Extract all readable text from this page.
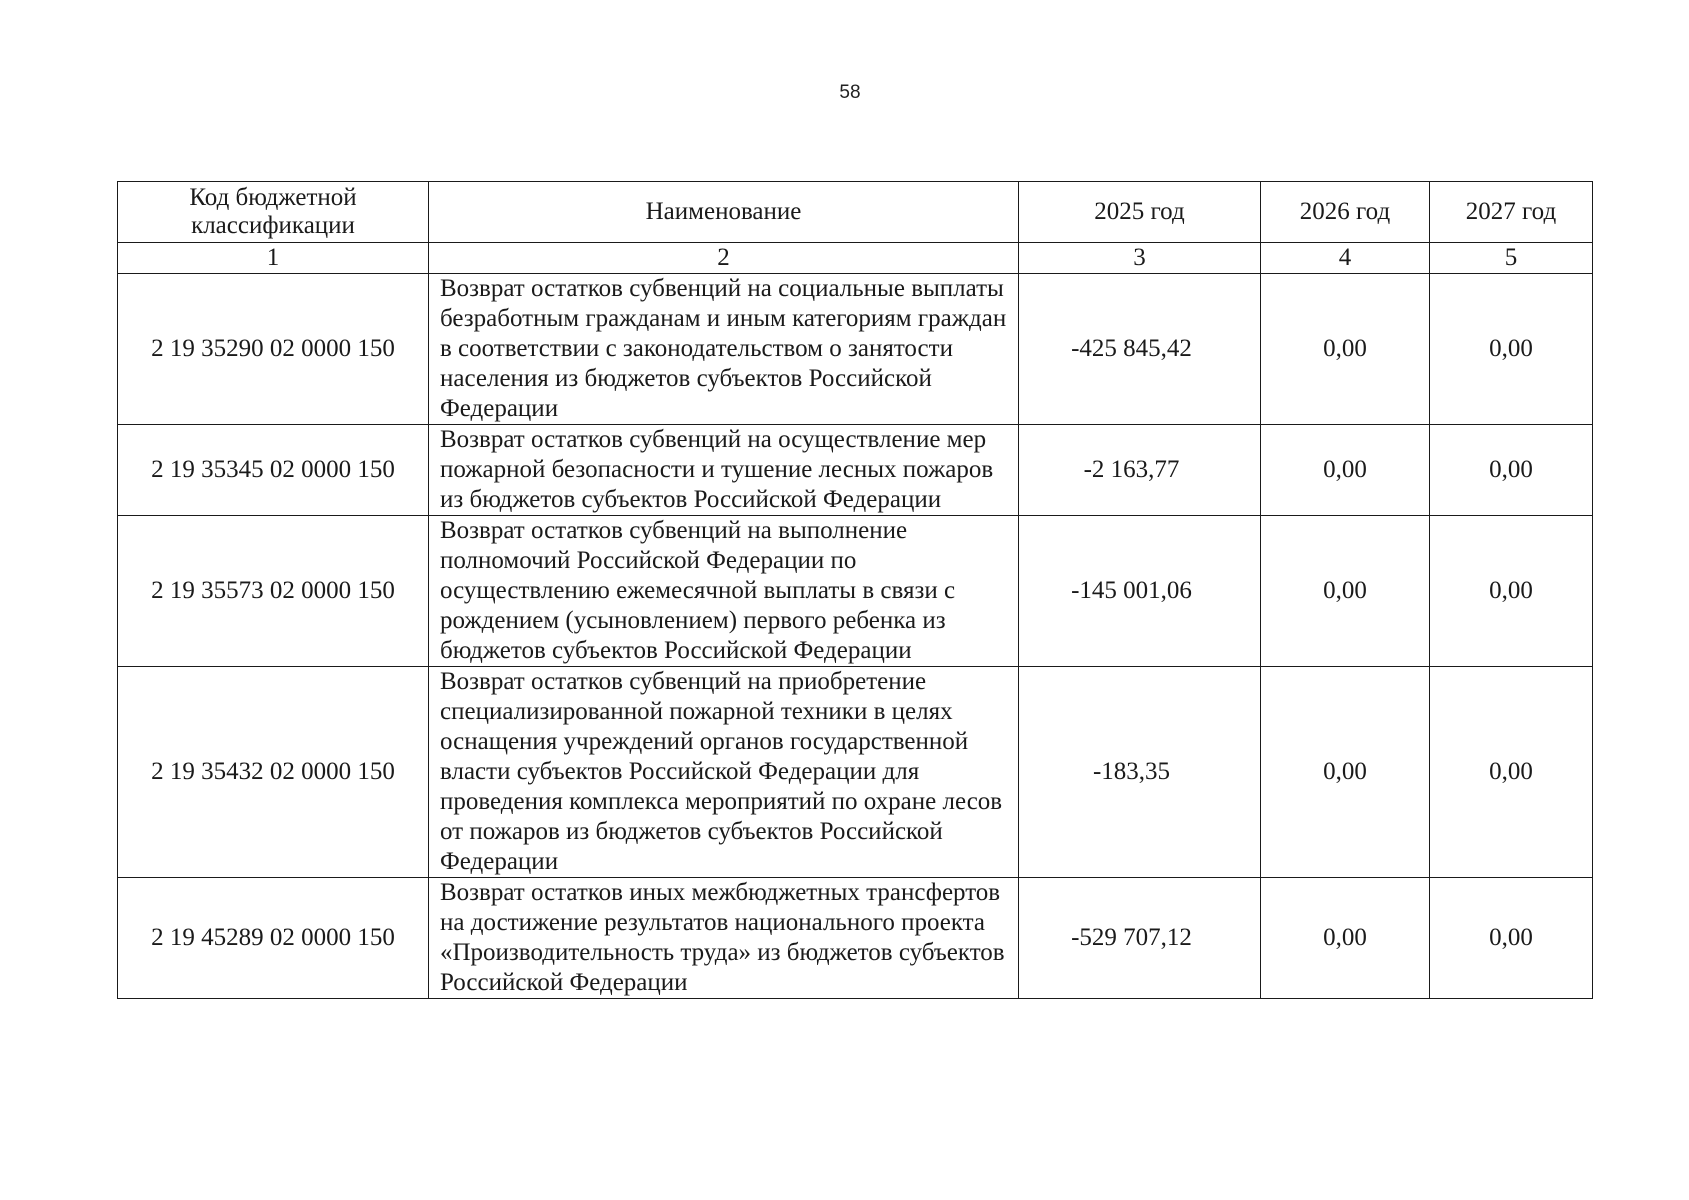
58
Код бюджетной классификации	Наименование	2025 год	2026 год	2027 год
1	2	3	4	5
2 19 35290 02 0000 150	Возврат остатков субвенций на социальные выплаты безработным гражданам и иным категориям граждан в соответствии с законодательством о занятости населения из бюджетов субъектов Российской Федерации	-425 845,42	0,00	0,00
2 19 35345 02 0000 150	Возврат остатков субвенций на осуществление мер пожарной безопасности и тушение лесных пожаров из бюджетов субъектов Российской Федерации	-2 163,77	0,00	0,00
2 19 35573 02 0000 150	Возврат остатков субвенций на выполнение полномочий Российской Федерации по осуществлению ежемесячной выплаты в связи с рождением (усыновлением) первого ребенка из бюджетов субъектов Российской Федерации	-145 001,06	0,00	0,00
2 19 35432 02 0000 150	Возврат остатков субвенций на приобретение специализированной пожарной техники в целях оснащения учреждений органов государственной власти субъектов Российской Федерации для проведения комплекса мероприятий по охране лесов от пожаров из бюджетов субъектов Российской Федерации	-183,35	0,00	0,00
2 19 45289 02 0000 150	Возврат остатков иных межбюджетных трансфертов на достижение результатов национального проекта «Производительность труда» из бюджетов субъектов Российской Федерации	-529 707,12	0,00	0,00
